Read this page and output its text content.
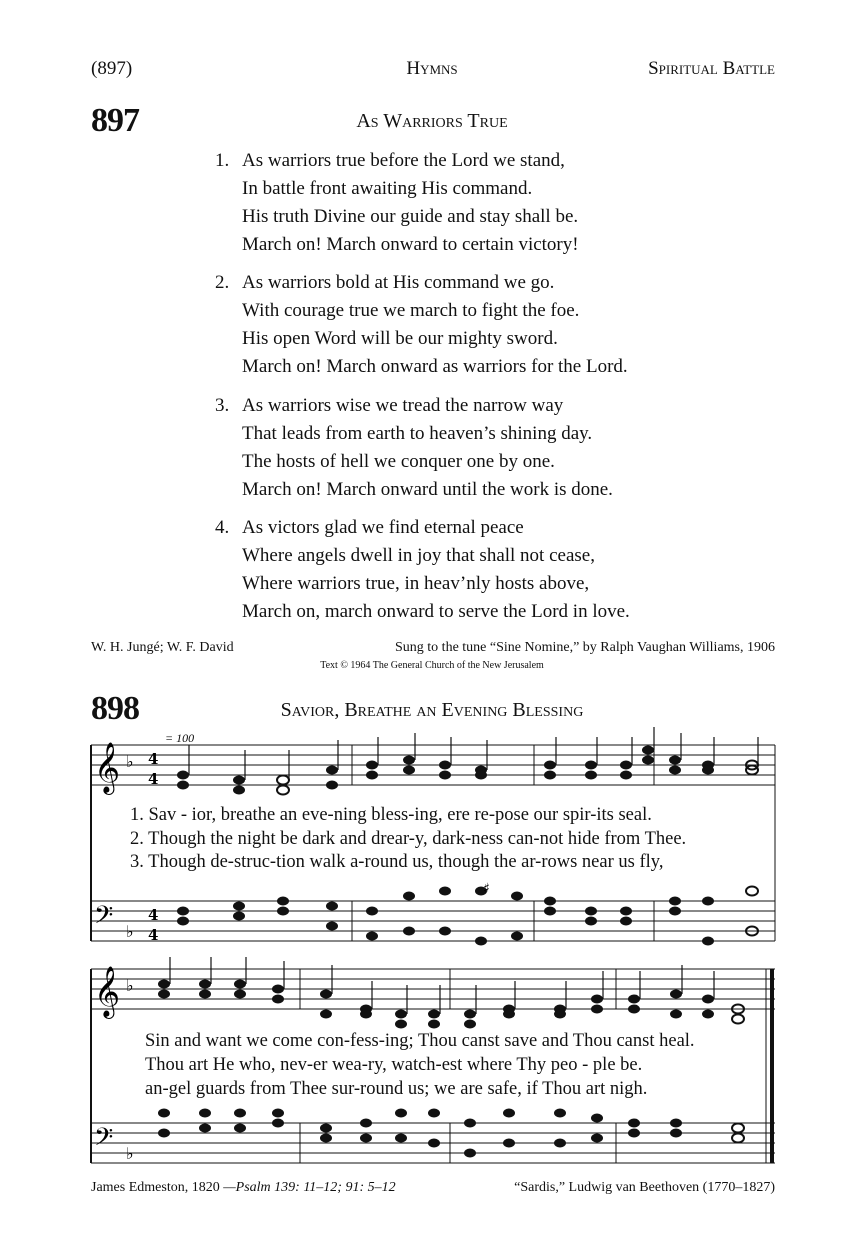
(897)	Hymns	Spiritual Battle
897	As Warriors True
1. As warriors true before the Lord we stand,
In battle front awaiting His command.
His truth Divine our guide and stay shall be.
March on! March onward to certain victory!
2. As warriors bold at His command we go.
With courage true we march to fight the foe.
His open Word will be our mighty sword.
March on! March onward as warriors for the Lord.
3. As warriors wise we tread the narrow way
That leads from earth to heaven’s shining day.
The hosts of hell we conquer one by one.
March on! March onward until the work is done.
4. As victors glad we find eternal peace
Where angels dwell in joy that shall not cease,
Where warriors true, in heav’nly hosts above,
March on, march onward to serve the Lord in love.
W. H. Jungé; W. F. David	Sung to the tune “Sine Nomine,” by Ralph Vaughan Williams, 1906
Text © 1964 The General Church of the New Jerusalem
898	Savior, Breathe an Evening Blessing
= 100
𝄞
𝄢
♭
♭
4
4
4
4
♯
1. Sav - ior, breathe an eve-ning bless-ing, ere re-pose our spir-its seal.
2. Though the night be dark and drear-y, dark-ness can-not hide from Thee.
3. Though de-struc-tion walk a-round us, though the ar-rows near us fly,
𝄞
𝄢
♭
♭
Sin and want we come con-fess-ing; Thou canst save and Thou canst heal.
Thou art He who, nev-er wea-ry, watch-est where Thy peo - ple be.
an-gel guards from Thee sur-round us; we are safe, if Thou art nigh.
James Edmeston, 1820 —Psalm 139: 11–12; 91: 5–12	“Sardis,” Ludwig van Beethoven (1770–1827)
